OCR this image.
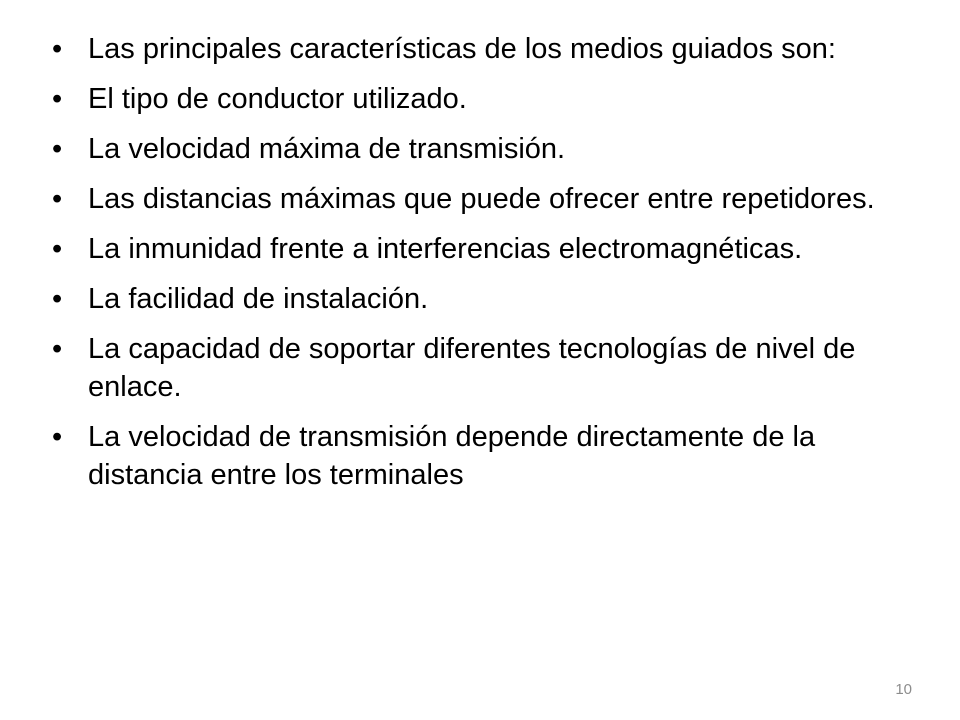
• Las principales características de los medios guiados son:
• El tipo de conductor utilizado.
• La velocidad máxima de transmisión.
• Las distancias máximas que puede ofrecer entre repetidores.
• La inmunidad frente a interferencias electromagnéticas.
• La facilidad de instalación.
• La capacidad de soportar diferentes tecnologías de nivel de enlace.
• La velocidad de transmisión depende directamente de la distancia entre los terminales
10
